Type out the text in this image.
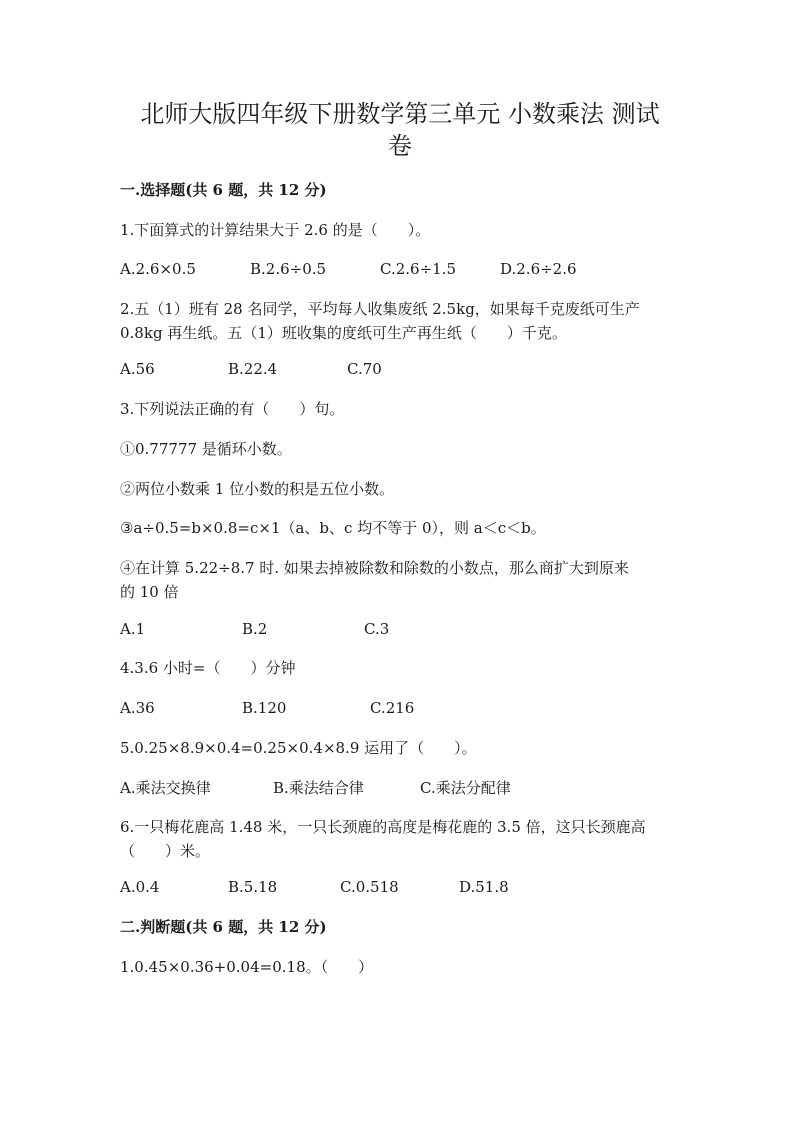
北师大版四年级下册数学第三单元 小数乘法 测试
卷

一.选择题(共 6 题，共 12 分)

1.下面算式的计算结果大于 2.6 的是（　　）。

A.2.6×0.5	B.2.6÷0.5	C.2.6÷1.5	D.2.6÷2.6

2.五（1）班有 28 名同学，平均每人收集废纸 2.5kg，如果每千克废纸可生产

0.8kg 再生纸。五（1）班收集的度纸可生产再生纸（　　）千克。

A.56	B.22.4	C.70

3.下列说法正确的有（　　）句。

①0.77777 是循环小数。

②两位小数乘 1 位小数的积是五位小数。

③a÷0.5=b×0.8=c×1（a、b、c 均不等于 0），则 a＜c＜b。

④在计算 5.22÷8.7 时. 如果去掉被除数和除数的小数点，那么商扩大到原来

的 10 倍

A.1	B.2	C.3

4.3.6 小时=（　　）分钟

A.36	B.120	C.216

5.0.25×8.9×0.4=0.25×0.4×8.9 运用了（　　）。

A.乘法交换律	B.乘法结合律	C.乘法分配律

6.一只梅花鹿高 1.48 米，一只长颈鹿的高度是梅花鹿的 3.5 倍，这只长颈鹿高

（　　）米。

A.0.4	B.5.18	C.0.518	D.51.8

二.判断题(共 6 题，共 12 分)

1.0.45×0.36+0.04=0.18。（　　）
